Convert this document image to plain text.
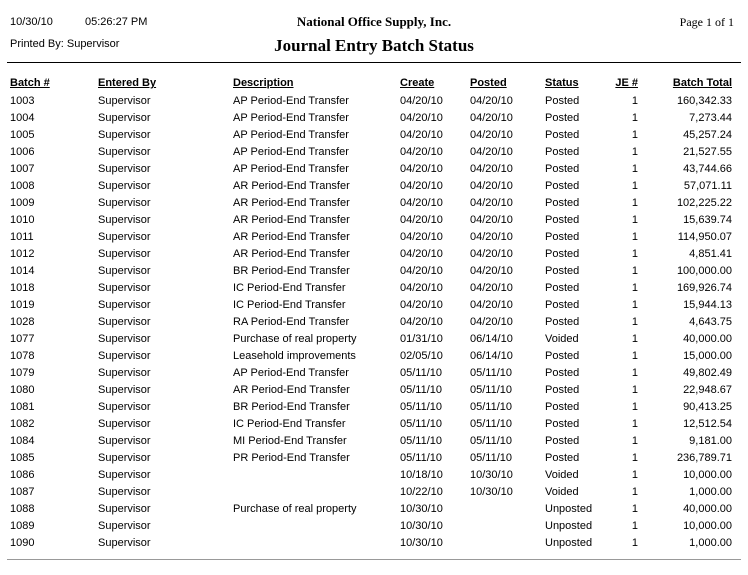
10/30/10	05:26:27 PM	National Office Supply, Inc.	Page 1 of 1
Printed By: Supervisor	Journal Entry Batch Status
Batch #	Entered By	Description	Create	Posted	Status	JE #	Batch Total
1003	Supervisor	AP Period-End Transfer	04/20/10	04/20/10	Posted	1	160,342.33
1004	Supervisor	AP Period-End Transfer	04/20/10	04/20/10	Posted	1	7,273.44
1005	Supervisor	AP Period-End Transfer	04/20/10	04/20/10	Posted	1	45,257.24
1006	Supervisor	AP Period-End Transfer	04/20/10	04/20/10	Posted	1	21,527.55
1007	Supervisor	AP Period-End Transfer	04/20/10	04/20/10	Posted	1	43,744.66
1008	Supervisor	AR Period-End Transfer	04/20/10	04/20/10	Posted	1	57,071.11
1009	Supervisor	AR Period-End Transfer	04/20/10	04/20/10	Posted	1	102,225.22
1010	Supervisor	AR Period-End Transfer	04/20/10	04/20/10	Posted	1	15,639.74
1011	Supervisor	AR Period-End Transfer	04/20/10	04/20/10	Posted	1	114,950.07
1012	Supervisor	AR Period-End Transfer	04/20/10	04/20/10	Posted	1	4,851.41
1014	Supervisor	BR Period-End Transfer	04/20/10	04/20/10	Posted	1	100,000.00
1018	Supervisor	IC Period-End Transfer	04/20/10	04/20/10	Posted	1	169,926.74
1019	Supervisor	IC Period-End Transfer	04/20/10	04/20/10	Posted	1	15,944.13
1028	Supervisor	RA Period-End Transfer	04/20/10	04/20/10	Posted	1	4,643.75
1077	Supervisor	Purchase of real property	01/31/10	06/14/10	Voided	1	40,000.00
1078	Supervisor	Leasehold improvements	02/05/10	06/14/10	Posted	1	15,000.00
1079	Supervisor	AP Period-End Transfer	05/11/10	05/11/10	Posted	1	49,802.49
1080	Supervisor	AR Period-End Transfer	05/11/10	05/11/10	Posted	1	22,948.67
1081	Supervisor	BR Period-End Transfer	05/11/10	05/11/10	Posted	1	90,413.25
1082	Supervisor	IC Period-End Transfer	05/11/10	05/11/10	Posted	1	12,512.54
1084	Supervisor	MI Period-End Transfer	05/11/10	05/11/10	Posted	1	9,181.00
1085	Supervisor	PR Period-End Transfer	05/11/10	05/11/10	Posted	1	236,789.71
1086	Supervisor		10/18/10	10/30/10	Voided	1	10,000.00
1087	Supervisor		10/22/10	10/30/10	Voided	1	1,000.00
1088	Supervisor	Purchase of real property	10/30/10		Unposted	1	40,000.00
1089	Supervisor		10/30/10		Unposted	1	10,000.00
1090	Supervisor		10/30/10		Unposted	1	1,000.00
